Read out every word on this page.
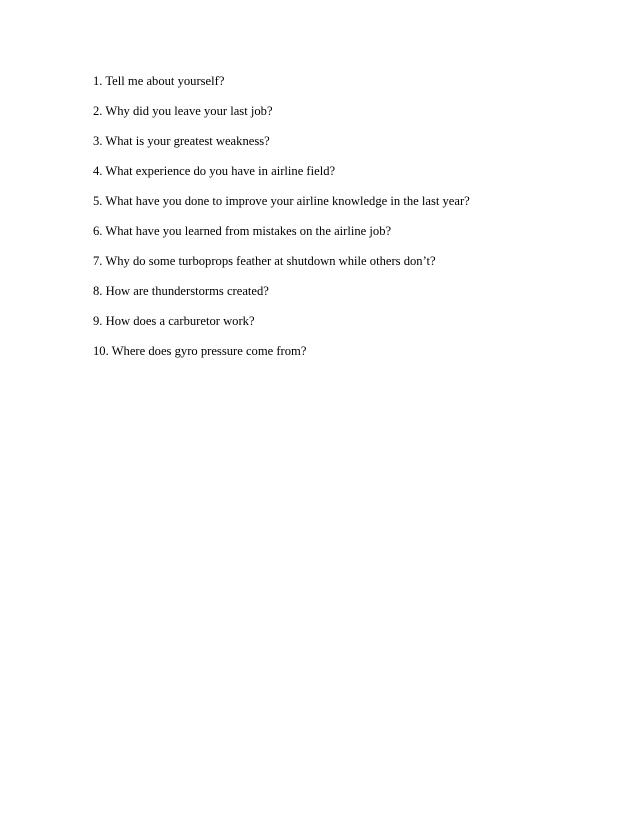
1. Tell me about yourself?
2. Why did you leave your last job?
3. What is your greatest weakness?
4. What experience do you have in airline field?
5. What have you done to improve your airline knowledge in the last year?
6. What have you learned from mistakes on the airline job?
7. Why do some turboprops feather at shutdown while others don’t?
8. How are thunderstorms created?
9. How does a carburetor work?
10. Where does gyro pressure come from?
